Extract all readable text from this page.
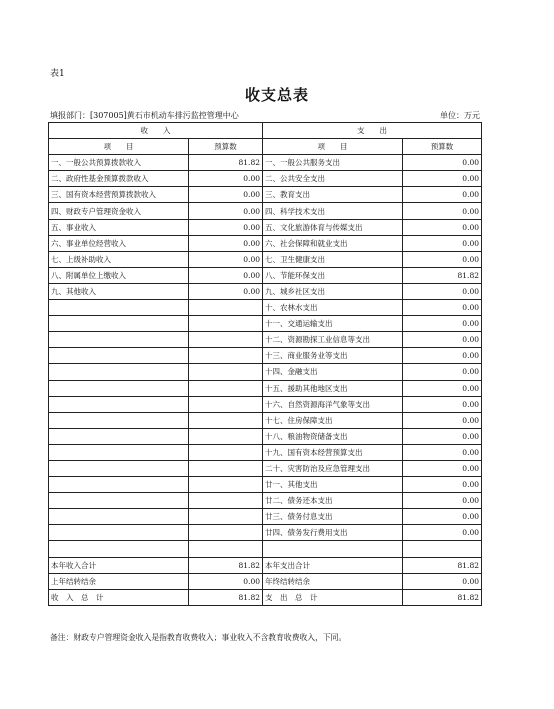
表1
收支总表
填报部门：[307005]黄石市机动车排污监控管理中心	单位：万元
收　　入		支　　出	
项　　目	预算数	项　　目	预算数
一、一般公共预算拨款收入	81.82	一、一般公共服务支出	0.00
二、政府性基金预算拨款收入	0.00	二、公共安全支出	0.00
三、国有资本经营预算拨款收入	0.00	三、教育支出	0.00
四、财政专户管理资金收入	0.00	四、科学技术支出	0.00
五、事业收入	0.00	五、文化旅游体育与传媒支出	0.00
六、事业单位经营收入	0.00	六、社会保障和就业支出	0.00
七、上级补助收入	0.00	七、卫生健康支出	0.00
八、附属单位上缴收入	0.00	八、节能环保支出	81.82
九、其他收入	0.00	九、城乡社区支出	0.00
		十、农林水支出	0.00
		十一、交通运输支出	0.00
		十二、资源勘探工业信息等支出	0.00
		十三、商业服务业等支出	0.00
		十四、金融支出	0.00
		十五、援助其他地区支出	0.00
		十六、自然资源海洋气象等支出	0.00
		十七、住房保障支出	0.00
		十八、粮油物资储备支出	0.00
		十九、国有资本经营预算支出	0.00
		二十、灾害防治及应急管理支出	0.00
		廿一、其他支出	0.00
		廿二、债务还本支出	0.00
		廿三、债务付息支出	0.00
		廿四、债务发行费用支出	0.00

本年收入合计	81.82	本年支出合计	81.82
上年结转结余	0.00	年终结转结余	0.00
收　入　总　计	81.82	支　出　总　计	81.82
备注：财政专户管理资金收入是指教育收费收入；事业收入不含教育收费收入，下同。
